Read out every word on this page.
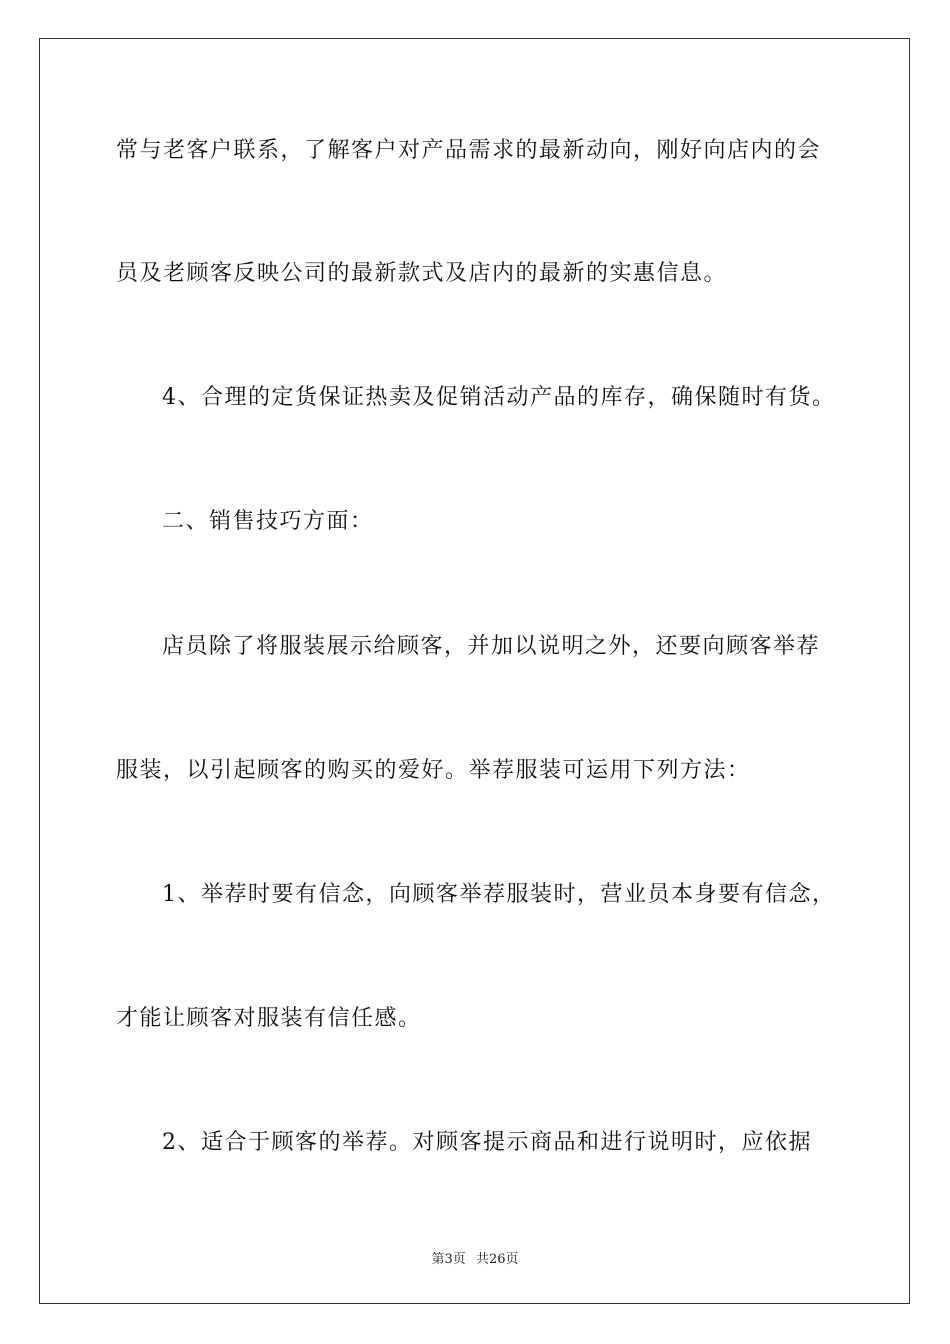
常与老客户联系，了解客户对产品需求的最新动向，刚好向店内的会
员及老顾客反映公司的最新款式及店内的最新的实惠信息。
4、合理的定货保证热卖及促销活动产品的库存，确保随时有货。
二、销售技巧方面：
店员除了将服装展示给顾客，并加以说明之外，还要向顾客举荐
服装，以引起顾客的购买的爱好。举荐服装可运用下列方法：
1、举荐时要有信念，向顾客举荐服装时，营业员本身要有信念，
才能让顾客对服装有信任感。
2、适合于顾客的举荐。对顾客提示商品和进行说明时，应依据
第3页 共26页
